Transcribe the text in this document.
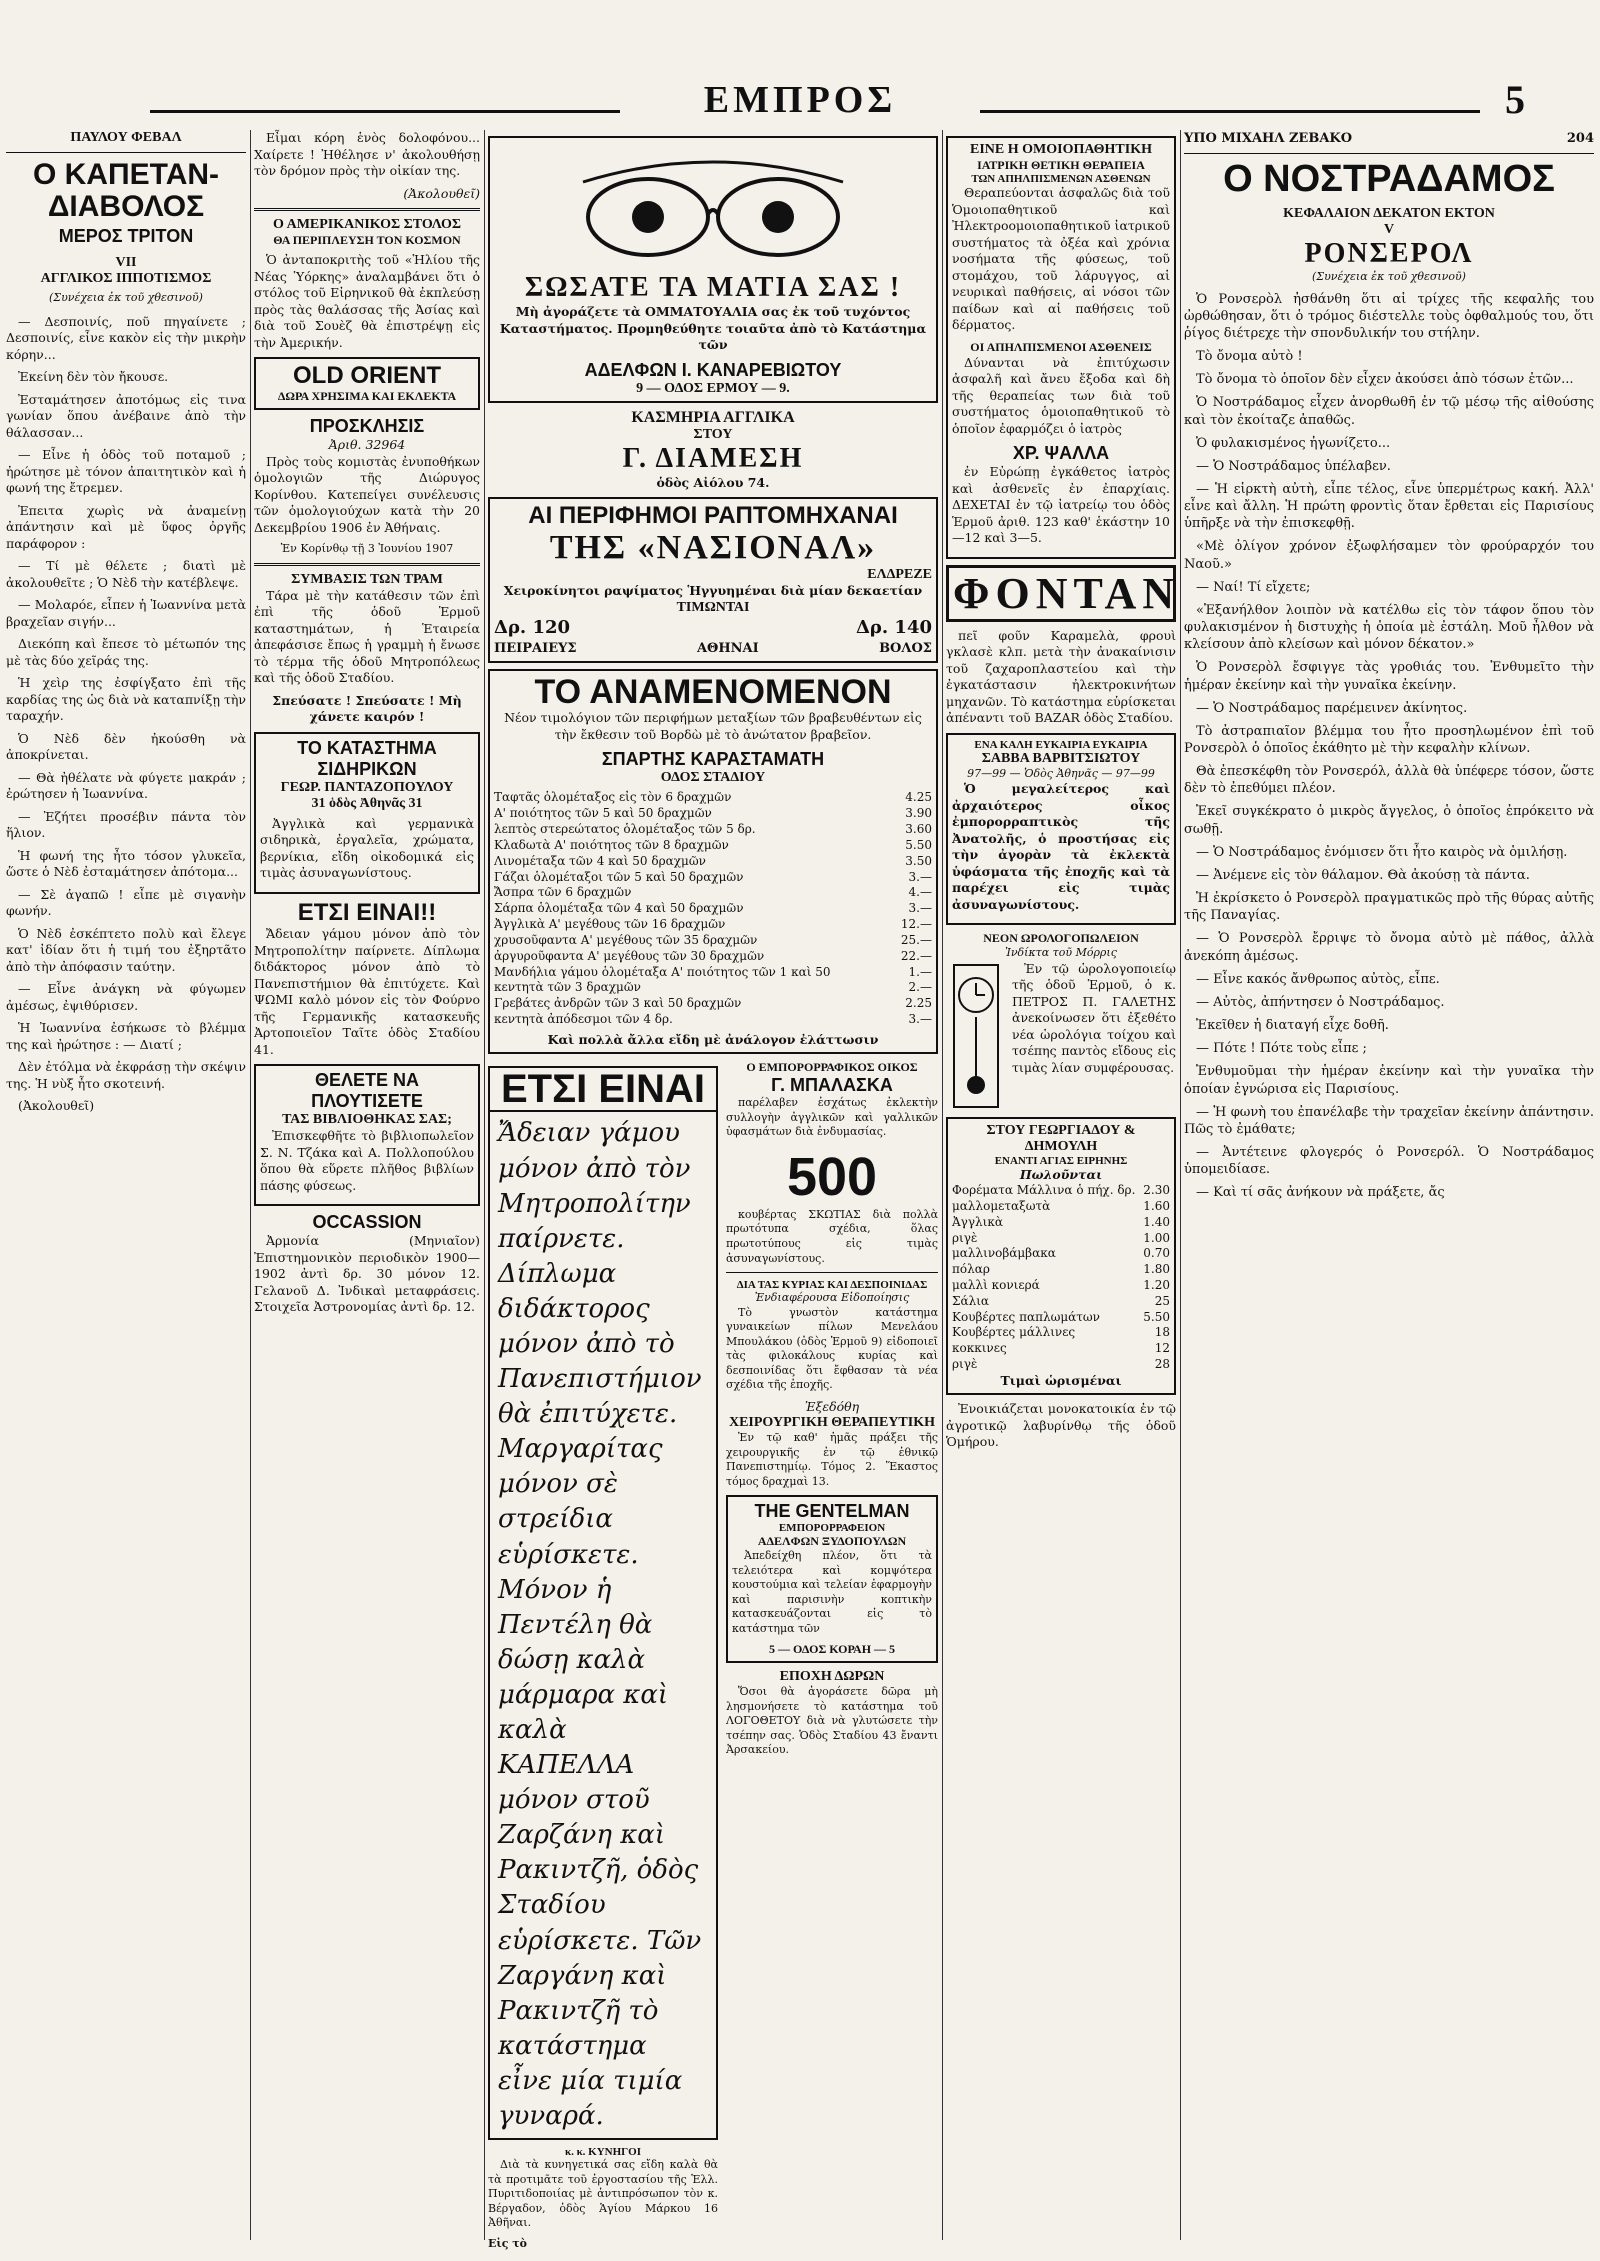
ΕΜΠΡΟΣ	5
ΠΑΥΛΟΥ ΦΕΒΑΛ
Ο ΚΑΠΕΤΑΝ-ΔΙΑΒΟΛΟΣ
ΜΕΡΟΣ ΤΡΙΤΟΝ
VII
ΑΓΓΛΙΚΟΣ ΙΠΠΟΤΙΣΜΟΣ
(Συνέχεια ἐκ τοῦ χθεσινοῦ)

— Δεσποινίς, ποῦ πηγαίνετε ; Δεσποινίς, εἶνε κακὸν εἰς τὴν μικρὴν κόρην...

Ἐκείνη δὲν τὸν ἤκουσε.

Ἐσταμάτησεν ἀποτόμως εἰς τινα γωνίαν ὅπου ἀνέβαινε ἀπὸ τὴν θάλασσαν...

— Εἶνε ἡ ὁδὸς τοῦ ποταμοῦ ; ἠρώτησε μὲ τόνον ἀπαιτητικὸν καὶ ἡ φωνή της ἔτρεμεν.

Ἐπειτα χωρὶς νὰ ἀναμείνῃ ἀπάντησιν καὶ μὲ ὕφος ὀργῆς παράφορον :

— Τί μὲ θέλετε ; διατὶ μὲ ἀκολουθεῖτε ; Ὁ Νὲδ τὴν κατέβλεψε.

— Μολαρόε, εἶπεν ἡ Ἰωαννίνα μετὰ βραχεῖαν σιγήν...

Διεκόπη καὶ ἔπεσε τὸ μέτωπόν της μὲ τὰς δύο χεῖράς της.

Ἡ χεὶρ της ἐσφίγξατο ἐπὶ τῆς καρδίας της ὡς διὰ νὰ καταπνίξῃ τὴν ταραχήν.

Ὁ Νὲδ δὲν ἠκούσθη νὰ ἀποκρίνεται.

— Θὰ ἠθέλατε νὰ φύγετε μακράν ; ἐρώτησεν ἡ Ἰωαννίνα.

— Ἐζήτει προσέβιν πάντα τὸν ἥλιον.

Ἡ φωνή της ἦτο τόσον γλυκεῖα, ὥστε ὁ Νὲδ ἐσταμάτησεν ἀπότομα...

— Σὲ ἀγαπῶ ! εἶπε μὲ σιγανὴν φωνήν.

Ὁ Νὲδ ἐσκέπτετο πολὺ καὶ ἔλεγε κατ' ἰδίαν ὅτι ἡ τιμή του ἐξηρτᾶτο ἀπὸ τὴν ἀπόφασιν ταύτην.

— Εἶνε ἀνάγκη νὰ φύγωμεν ἀμέσως, ἐψιθύρισεν.

Ἡ Ἰωαννίνα ἐσήκωσε τὸ βλέμμα της καὶ ἠρώτησε : — Διατί ;

Δὲν ἐτόλμα νὰ ἐκφράσῃ τὴν σκέψιν της. Ἡ νὺξ ἦτο σκοτεινή.

(Ἀκολουθεῖ)

Εἶμαι κόρη ἑνὸς δολοφόνου... Χαίρετε ! Ἠθέλησε ν' ἀκολουθήσῃ τὸν δρόμον πρὸς τὴν οἰκίαν της.

(Ἀκολουθεῖ)
Ο ΑΜΕΡΙΚΑΝΙΚΟΣ ΣΤΟΛΟΣ
ΘΑ ΠΕΡΙΠΛΕΥΣΗ ΤΟΝ ΚΟΣΜΟΝ

Ὁ ἀνταποκριτὴς τοῦ «Ἡλίου τῆς Νέας Ὑόρκης» ἀναλαμβάνει ὅτι ὁ στόλος τοῦ Εἰρηνικοῦ θὰ ἐκπλεύσῃ πρὸς τὰς θαλάσσας τῆς Ἀσίας καὶ διὰ τοῦ Σουὲζ θὰ ἐπιστρέψῃ εἰς τὴν Ἀμερικήν.

OLD ORIENT
ΔΩΡΑ ΧΡΗΣΙΜΑ ΚΑΙ ΕΚΛΕΚΤΑ
ΠΡΟΣΚΛΗΣΙΣ
Ἀριθ. 32964

Πρὸς τοὺς κομιστὰς ἐνυποθήκων ὁμολογιῶν τῆς Διώρυγος Κορίνθου. Κατεπείγει συνέλευσις τῶν ὁμολογιούχων κατὰ τὴν 20 Δεκεμβρίου 1906 ἐν Ἀθήναις.

Ἐν Κορίνθῳ τῇ 3 Ἰουνίου 1907
ΣΥΜΒΑΣΙΣ ΤΩΝ ΤΡΑΜ

Τάρα μὲ τὴν κατάθεσιν τῶν ἐπὶ ἐπὶ τῆς ὁδοῦ Ἑρμοῦ καταστημάτων, ἡ Ἑταιρεία ἀπεφάσισε ἔπως ἡ γραμμὴ ἡ ἔνωσε τὸ τέρμα τῆς ὁδοῦ Μητροπόλεως καὶ τῆς ὁδοῦ Σταδίου.

Σπεύσατε ! Σπεύσατε ! Μὴ χάνετε καιρόν !
ΤΟ ΚΑΤΑΣΤΗΜΑ ΣΙΔΗΡΙΚΩΝ
ΓΕΩΡ. ΠΑΝΤΑΖΟΠΟΥΛΟΥ
31 ὁδὸς Ἀθηνᾶς 31

Ἀγγλικὰ καὶ γερμανικὰ σιδηρικὰ, ἐργαλεῖα, χρώματα, βερνίκια, εἴδη οἰκοδομικά εἰς τιμὰς ἀσυναγωνίστους.

ΕΤΣΙ ΕΙΝΑΙ!!

Ἄδειαν γάμου μόνον ἀπὸ τὸν Μητροπολίτην παίρνετε. Δίπλωμα διδάκτορος μόνον ἀπὸ τὸ Πανεπιστήμιον θὰ ἐπιτύχετε. Καὶ ΨΩΜΙ καλὸ μόνον εἰς τὸν Φούρνο τῆς Γερμανικῆς κατασκευῆς Ἀρτοποιεῖον Ταῖτε ὁδὸς Σταδίου 41.

ΘΕΛΕΤΕ ΝΑ ΠΛΟΥΤΙΣΕΤΕ
ΤΑΣ ΒΙΒΛΙΟΘΗΚΑΣ ΣΑΣ;

Ἐπισκεφθῆτε τὸ βιβλιοπωλεῖον Σ. Ν. Τζάκα καὶ Α. Πολλοπούλου ὅπου θὰ εὕρετε πλῆθος βιβλίων πάσης φύσεως.

OCCASSION

Ἀρμονία (Μηνιαῖον) Ἐπιστημονικὸν περιοδικὸν 1900—1902 ἀντὶ δρ. 30 μόνον 12. Γελανοῦ Δ. Ἰνδικαὶ μεταφράσεις. Στοιχεῖα Ἀστρονομίας ἀντὶ δρ. 12.

ΣΩΣΑΤΕ ΤΑ ΜΑΤΙΑ ΣΑΣ !

Μὴ ἀγοράζετε τὰ ΟΜΜΑΤΟΥΑΛΙΑ σας ἐκ τοῦ τυχόντος Καταστήματος. Προμηθεύθητε τοιαῦτα ἀπὸ τὸ Κατάστημα τῶν

ΑΔΕΛΦΩΝ Ι. ΚΑΝΑΡΕΒΙΩΤΟΥ
9 — ΟΔΟΣ ΕΡΜΟΥ — 9.
ΚΑΣΜΗΡΙΑ ΑΓΓΛΙΚΑ
ΣΤΟΥ
Γ. ΔΙΑΜΕΣΗ
ὁδὸς Αἰόλου 74.
ΑΙ ΠΕΡΙΦΗΜΟΙ ΡΑΠΤΟΜΗΧΑΝΑΙ
ΤΗΣ «ΝΑΣΙΟΝΑΛ»
ΕΛΔΡΕΖΕ
Χειροκίνητοι ραψίματος Ἡγγυημέναι διὰ μίαν δεκαετίαν
ΤΙΜΩΝΤΑΙ
Δρ. 120	Δρ. 140
ΠΕΙΡΑΙΕΥΣ	ΑΘΗΝΑΙ	ΒΟΛΟΣ
ΤΟ ΑΝΑΜΕΝΟΜΕΝΟΝ

Νέον τιμολόγιον τῶν περιφήμων μεταξίων τῶν βραβευθέντων εἰς τὴν ἔκθεσιν τοῦ Βορδὼ μὲ τὸ ἀνώτατον βραβεῖον.

ΣΠΑΡΤΗΣ ΚΑΡΑΣΤΑΜΑΤΗ
ΟΔΟΣ ΣΤΑΔΙΟΥ
Ταφτᾶς ὁλομέταξος εἰς τὸν 6 δραχμῶν	4.25
Α' ποιότητος τῶν 5 καὶ 50 δραχμῶν	3.90
λεπτὸς στερεώτατος ὁλομέταξος τῶν 5 δρ.	3.60
Κλαδωτὰ Α' ποιότητος τῶν 8 δραχμῶν	5.50
Λινομέταξα τῶν 4 καὶ 50 δραχμῶν	3.50
Γάζαι ὁλομέταξοι τῶν 5 καὶ 50 δραχμῶν	3.—
Ἄσπρα τῶν 6 δραχμῶν	4.—
Σάρπα ὁλομέταξα τῶν 4 καὶ 50 δραχμῶν	3.—
Ἀγγλικὰ Α' μεγέθους τῶν 16 δραχμῶν	12.—
χρυσοῦφαντα Α' μεγέθους τῶν 35 δραχμῶν	25.—
ἀργυροῦφαντα Α' μεγέθους τῶν 30 δραχμῶν	22.—
Μανδήλια γάμου ὁλομέταξα Α' ποιότητος τῶν 1 καὶ 50	1.—
κεντητὰ τῶν 3 δραχμῶν	2.—
Γρεβάτες ἀνδρῶν τῶν 3 καὶ 50 δραχμῶν	2.25
κεντητὰ ἀπόδεσμοι τῶν 4 δρ.	3.—
Καὶ πολλὰ ἄλλα εἴδη μὲ ἀνάλογον ἐλάττωσιν
ΕΤΣΙ ΕΙΝΑΙ
Ἄδειαν γάμου μόνον ἀπὸ τὸν Μητροπολίτην παίρνετε. Δίπλωμα διδάκτορος μόνον ἀπὸ τὸ Πανεπιστήμιον θὰ ἐπιτύχετε. Μαργαρίτας μόνον σὲ στρείδια εὑρίσκετε. Μόνον ἡ Πεντέλη θὰ δώσῃ καλὰ μάρμαρα καὶ καλὰ ΚΑΠΕΛΛΑ μόνον στοῦ Ζαρζάνη καὶ Ρακιντζῆ, ὁδὸς Σταδίου εὑρίσκετε. Τῶν Ζαργάνη καὶ Ρακιντζῆ τὸ κατάστημα εἶνε μία τιμία γυναρά.
κ. κ. ΚΥΝΗΓΟΙ

Διὰ τὰ κυνηγετικά σας εἴδη καλὰ θὰ τὰ προτιμᾶτε τοῦ ἐργοστασίου τῆς Ἑλλ. Πυριτιδοποιίας μὲ ἀντιπρόσωπον τὸν κ. Βέργαδον, ὁδὸς Ἁγίου Μάρκου 16 Ἀθῆναι.

Εἰς τὸ
Ο ΕΜΠΟΡΟΡΡΑΦΙΚΟΣ ΟΙΚΟΣ
Γ. ΜΠΑΛΑΣΚΑ

παρέλαβεν ἐσχάτως ἐκλεκτὴν συλλογὴν ἀγγλικῶν καὶ γαλλικῶν ὑφασμάτων διὰ ἐνδυμασίας.

500

κουβέρτας ΣΚΩΤΙΑΣ διὰ πολλὰ πρωτότυπα σχέδια, ὅλας πρωτοτύπους εἰς τιμὰς ἀσυναγωνίστους.

ΔΙΑ ΤΑΣ ΚΥΡΙΑΣ ΚΑΙ ΔΕΣΠΟΙΝΙΔΑΣ
Ἐνδιαφέρουσα Εἰδοποίησις

Τὸ γνωστὸν κατάστημα γυναικείων πίλων Μενελάου Μπουλάκου (ὁδὸς Ἑρμοῦ 9) εἰδοποιεῖ τὰς φιλοκάλους κυρίας καὶ δεσποινίδας ὅτι ἔφθασαν τὰ νέα σχέδια τῆς ἐποχῆς.

Ἐξεδόθη
ΧΕΙΡΟΥΡΓΙΚΗ ΘΕΡΑΠΕΥΤΙΚΗ

Ἐν τῷ καθ' ἡμᾶς πράξει τῆς χειρουργικῆς ἐν τῷ ἐθνικῷ Πανεπιστημίῳ. Τόμος 2. Ἕκαστος τόμος δραχμαὶ 13.

THE GENTELMAN
ΕΜΠΟΡΟΡΡΑΦΕΙΟΝ
ΑΔΕΛΦΩΝ ΞΥΔΟΠΟΥΛΩΝ

Ἀπεδείχθη πλέον, ὅτι τὰ τελειότερα καὶ κομψότερα κουστούμια καὶ τελείαν ἐφαρμογὴν καὶ παρισινὴν κοπτικὴν κατασκευάζονται εἰς τὸ κατάστημα τῶν

5 — ΟΔΟΣ ΚΟΡΑΗ — 5
ΕΠΟΧΗ ΔΩΡΩΝ

Ὅσοι θὰ ἀγοράσετε δῶρα μὴ λησμονήσετε τὸ κατάστημα τοῦ ΛΟΓΟΘΕΤΟΥ διὰ νὰ γλυτώσετε τὴν τσέπην σας. Ὁδὸς Σταδίου 43 ἔναντι Ἀρσακείου.

ΕΙΝΕ Η ΟΜΟΙΟΠΑΘΗΤΙΚΗ
ΙΑΤΡΙΚΗ ΘΕΤΙΚΗ ΘΕΡΑΠΕΙΑ
ΤΩΝ ΑΠΗΛΠΙΣΜΕΝΩΝ ΑΣΘΕΝΩΝ

Θεραπεύονται ἀσφαλῶς διὰ τοῦ Ὁμοιοπαθητικοῦ καὶ Ἠλεκτροομοιοπαθητικοῦ ἰατρικοῦ συστήματος τὰ ὀξέα καὶ χρόνια νοσήματα τῆς φύσεως, τοῦ στομάχου, τοῦ λάρυγγος, αἱ νευρικαὶ παθήσεις, αἱ νόσοι τῶν παίδων καὶ αἱ παθήσεις τοῦ δέρματος.

ΟΙ ΑΠΗΛΠΙΣΜΕΝΟΙ ΑΣΘΕΝΕΙΣ

Δύνανται νὰ ἐπιτύχωσιν ἀσφαλῆ καὶ ἄνευ ἔξοδα καὶ δὴ τῆς θεραπείας των διὰ τοῦ συστήματος ὁμοιοπαθητικοῦ τὸ ὁποῖον ἐφαρμόζει ὁ ἰατρὸς

ΧΡ. ΨΑΛΛΑ

ἐν Εὐρώπῃ ἐγκάθετος ἰατρὸς καὶ ἀσθενεῖς ἐν ἐπαρχίαις. ΔΕΧΕΤΑΙ ἐν τῷ ἰατρείῳ του ὁδὸς Ἑρμοῦ ἀριθ. 123 καθ' ἑκάστην 10—12 καὶ 3—5.

ΦΟΝΤΑΝ

πεῖ φοῦν Καραμελὰ, φρουὶ γκλασὲ κλπ. μετὰ τὴν ἀνακαίνισιν τοῦ ζαχαροπλαστείου καὶ τὴν ἐγκατάστασιν ἠλεκτροκινήτων μηχανῶν. Τὸ κατάστημα εὑρίσκεται ἀπέναντι τοῦ BAZAR ὁδὸς Σταδίου.

ΕΝΑ ΚΑΛΗ ΕΥΚΑΙΡΙΑ ΕΥΚΑΙΡΙΑ
ΣΑΒΒΑ ΒΑΡΒΙΤΣΙΩΤΟΥ
97—99 — Ὁδὸς Ἀθηνᾶς — 97—99

Ὁ μεγαλείτερος καὶ ἀρχαιότερος οἶκος ἐμπορορραπτικὸς τῆς Ἀνατολῆς, ὁ προστήσας εἰς τὴν ἀγορὰν τὰ ἐκλεκτὰ ὑφάσματα τῆς ἐποχῆς καὶ τὰ παρέχει εἰς τιμὰς ἀσυναγωνίστους.

ΝΕΟΝ ΩΡΟΛΟΓΟΠΩΛΕΙΟΝ
Ἰνδίκτα τοῦ Μόρρις

Ἐν τῷ ὡρολογοποιείῳ τῆς ὁδοῦ Ἑρμοῦ, ὁ κ. ΠΕΤΡΟΣ Π. ΓΑΛΕΤΗΣ ἀνεκοίνωσεν ὅτι ἐξεθέτο νέα ὡρολόγια τοίχου καὶ τσέπης παντὸς εἴδους εἰς τιμὰς λίαν συμφέρουσας.

ΣΤΟΥ ΓΕΩΡΓΙΑΔΟΥ & ΔΗΜΟΥΛΗ
ΕΝΑΝΤΙ ΑΓΙΑΣ ΕΙΡΗΝΗΣ
Πωλοῦνται
Φορέματα Μάλλινα ὁ πήχ. δρ. 2.30
μαλλομεταξωτὰ	1.60
Ἀγγλικὰ	1.40
ριγὲ	1.00
μαλλινοβάμβακα	0.70
πόλαρ	1.80
μαλλὶ κονιερά	1.20
Σάλια	25
Κουβέρτες παπλωμάτων	5.50
Κουβέρτες μάλλινες	18
κοκκινες	12
ριγὲ	28
Τιμαὶ ὡρισμέναι

Ἐνοικιάζεται μονοκατοικία ἐν τῷ ἀγροτικῷ λαβυρίνθῳ τῆς ὁδοῦ Ὁμήρου.

ΥΠΟ ΜΙΧΑΗΛ ΖΕΒΑΚΟ	204
Ο ΝΟΣΤΡΑΔΑΜΟΣ
ΚΕΦΑΛΑΙΟΝ ΔΕΚΑΤΟΝ ΕΚΤΟΝ
V
ΡΟΝΣΕΡΟΛ
(Συνέχεια ἐκ τοῦ χθεσινοῦ)

Ὁ Ρονσερὸλ ἠσθάνθη ὅτι αἱ τρίχες τῆς κεφαλῆς του ὠρθώθησαν, ὅτι ὁ τρόμος διέστελλε τοὺς ὀφθαλμούς του, ὅτι ῥίγος διέτρεχε τὴν σπονδυλικήν του στήλην.

Τὸ ὄνομα αὐτὸ !

Τὸ ὄνομα τὸ ὁποῖον δὲν εἶχεν ἀκούσει ἀπὸ τόσων ἐτῶν...

Ὁ Νοστράδαμος εἶχεν ἀνορθωθῆ ἐν τῷ μέσῳ τῆς αἰθούσης καὶ τὸν ἐκοίταζε ἀπαθῶς.

Ὁ φυλακισμένος ἠγωνίζετο...

— Ὁ Νοστράδαμος ὑπέλαβεν.

— Ἡ εἱρκτὴ αὐτὴ, εἶπε τέλος, εἶνε ὑπερμέτρως κακή. Ἀλλ' εἶνε καὶ ἄλλη. Ἡ πρώτη φροντὶς ὅταν ἔρθεται εἰς Παρισίους ὑπῆρξε νὰ τὴν ἐπισκεφθῇ.

«Μὲ ὀλίγον χρόνον ἐξωφλήσαμεν τὸν φρούραρχόν του Ναοῦ.»

— Ναί! Τί εἴχετε;

«Ἐξανήλθον λοιπὸν νὰ κατέλθω εἰς τὸν τάφον ὅπου τὸν φυλακισμένον ἡ διστυχὴς ἡ ὁποία μὲ ἐστάλη. Μοῦ ἦλθον νὰ κλείσουν ἀπὸ κλείσων καὶ μόνον δέκατον.»

Ὁ Ρονσερὸλ ἔσφιγγε τὰς γροθιάς του. Ἐνθυμεῖτο τὴν ἡμέραν ἐκείνην καὶ τὴν γυναῖκα ἐκείνην.

— Ὁ Νοστράδαμος παρέμεινεν ἀκίνητος.

Τὸ ἀστραπιαῖον βλέμμα του ἦτο προσηλωμένον ἐπὶ τοῦ Ρονσερὸλ ὁ ὁποῖος ἐκάθητο μὲ τὴν κεφαλὴν κλίνων.

Θὰ ἐπεσκέφθη τὸν Ρονσερόλ, ἀλλὰ θὰ ὑπέφερε τόσον, ὥστε δὲν τὸ ἐπεθύμει πλέον.

Ἐκεῖ συγκέκρατο ὁ μικρὸς ἄγγελος, ὁ ὁποῖος ἐπρόκειτο νὰ σωθῇ.

— Ὁ Νοστράδαμος ἐνόμισεν ὅτι ἦτο καιρὸς νὰ ὁμιλήσῃ.

— Ἀνέμενε εἰς τὸν θάλαμον. Θὰ ἀκούσῃ τὰ πάντα.

Ἡ ἐκρίσκετο ὁ Ρονσερὸλ πραγματικῶς πρὸ τῆς θύρας αὐτῆς τῆς Παναγίας.

— Ὁ Ρονσερὸλ ἔρριψε τὸ ὄνομα αὐτὸ μὲ πάθος, ἀλλὰ ἀνεκόπη ἀμέσως.

— Εἶνε κακός ἄνθρωπος αὐτὸς, εἶπε.

— Αὐτὸς, ἀπήντησεν ὁ Νοστράδαμος.

Ἐκεῖθεν ἡ διαταγή εἶχε δοθῆ.

— Πότε ! Πότε τοὺς εἶπε ;

Ἐνθυμοῦμαι τὴν ἡμέραν ἐκείνην καὶ τὴν γυναῖκα τὴν ὁποίαν ἐγνώρισα εἰς Παρισίους.

— Ἡ φωνὴ του ἐπανέλαβε τὴν τραχεῖαν ἐκείνην ἀπάντησιν. Πῶς τὸ ἐμάθατε;

— Ἀντέτεινε φλογερός ὁ Ρονσερόλ. Ὁ Νοστράδαμος ὑπομειδίασε.

— Καὶ τί σᾶς ἀνήκουν νὰ πράξετε, ἄς
